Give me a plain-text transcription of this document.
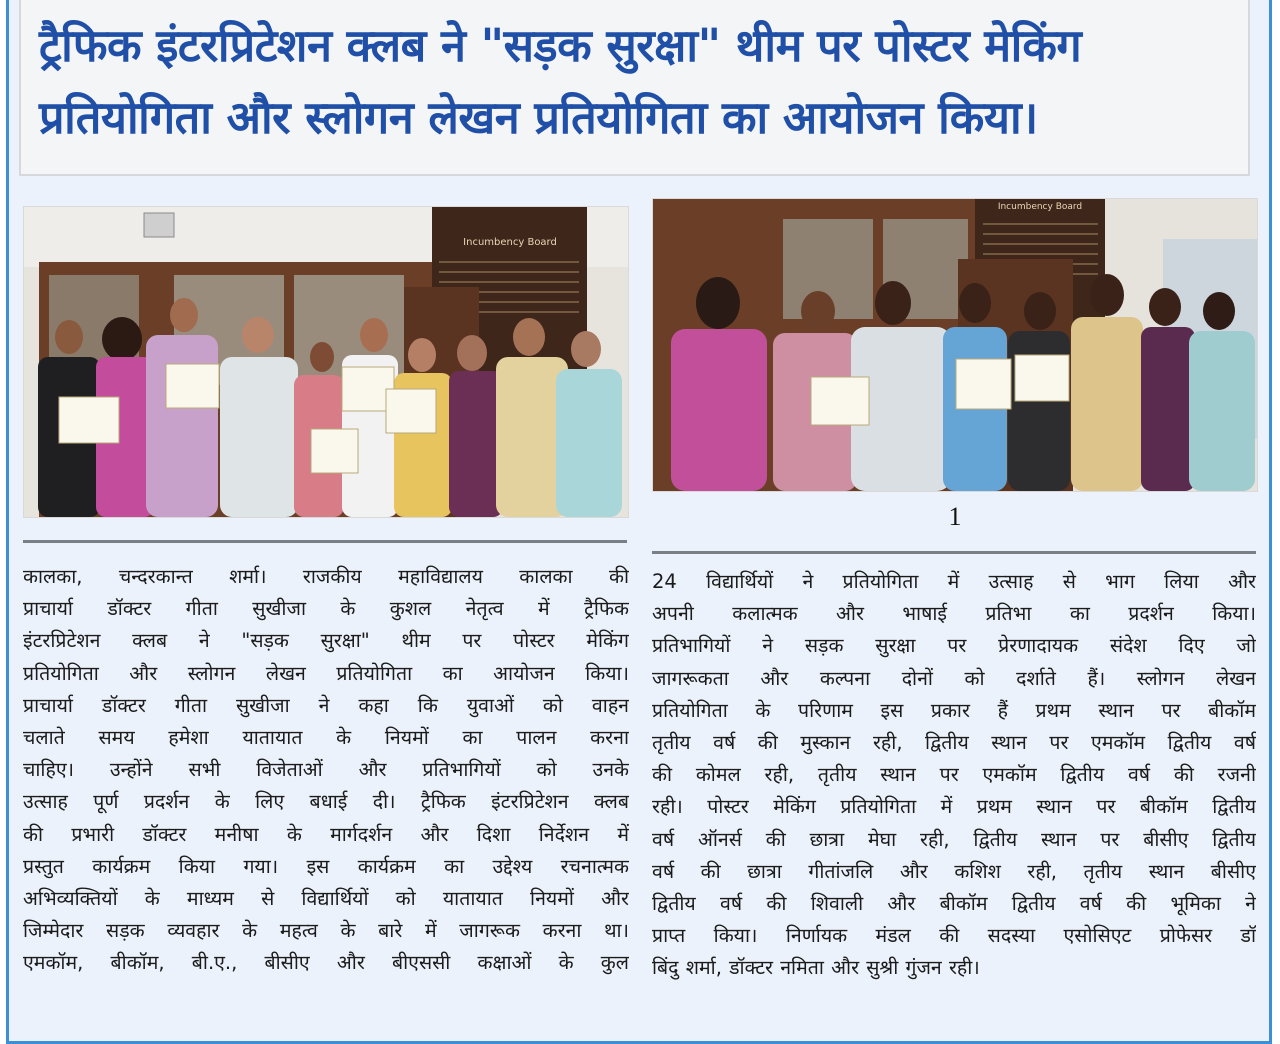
ट्रैफिक इंटरप्रिटेशन क्लब ने "सड़क सुरक्षा" थीम पर पोस्टर मेकिंग
प्रतियोगिता और स्लोगन लेखन प्रतियोगिता का आयोजन किया।
Incumbency Board
Incumbency Board
1
कालका, चन्दरकान्त शर्मा। राजकीय महाविद्यालय कालका की
प्राचार्या डॉक्टर गीता सुखीजा के कुशल नेतृत्व में ट्रैफिक
इंटरप्रिटेशन क्लब ने "सड़क सुरक्षा" थीम पर पोस्टर मेकिंग
प्रतियोगिता और स्लोगन लेखन प्रतियोगिता का आयोजन किया।
प्राचार्या डॉक्टर गीता सुखीजा ने कहा कि युवाओं को वाहन
चलाते समय हमेशा यातायात के नियमों का पालन करना
चाहिए। उन्होंने सभी विजेताओं और प्रतिभागियों को उनके
उत्साह पूर्ण प्रदर्शन के लिए बधाई दी। ट्रैफिक इंटरप्रिटेशन क्लब
की प्रभारी डॉक्टर मनीषा के मार्गदर्शन और दिशा निर्देशन में
प्रस्तुत कार्यक्रम किया गया। इस कार्यक्रम का उद्देश्य रचनात्मक
अभिव्यक्तियों के माध्यम से विद्यार्थियों को यातायात नियमों और
जिम्मेदार सड़क व्यवहार के महत्व के बारे में जागरूक करना था।
एमकॉम, बीकॉम, बी.ए., बीसीए और बीएससी कक्षाओं के कुल
24 विद्यार्थियों ने प्रतियोगिता में उत्साह से भाग लिया और
अपनी कलात्मक और भाषाई प्रतिभा का प्रदर्शन किया।
प्रतिभागियों ने सड़क सुरक्षा पर प्रेरणादायक संदेश दिए जो
जागरूकता और कल्पना दोनों को दर्शाते हैं। स्लोगन लेखन
प्रतियोगिता के परिणाम इस प्रकार हैं प्रथम स्थान पर बीकॉम
तृतीय वर्ष की मुस्कान रही, द्वितीय स्थान पर एमकॉम द्वितीय वर्ष
की कोमल रही, तृतीय स्थान पर एमकॉम द्वितीय वर्ष की रजनी
रही। पोस्टर मेकिंग प्रतियोगिता में प्रथम स्थान पर बीकॉम द्वितीय
वर्ष ऑनर्स की छात्रा मेघा रही, द्वितीय स्थान पर बीसीए द्वितीय
वर्ष की छात्रा गीतांजलि और कशिश रही, तृतीय स्थान बीसीए
द्वितीय वर्ष की शिवाली और बीकॉम द्वितीय वर्ष की भूमिका ने
प्राप्त किया। निर्णायक मंडल की सदस्या एसोसिएट प्रोफेसर डॉ
बिंदु शर्मा, डॉक्टर नमिता और सुश्री गुंजन रही।
